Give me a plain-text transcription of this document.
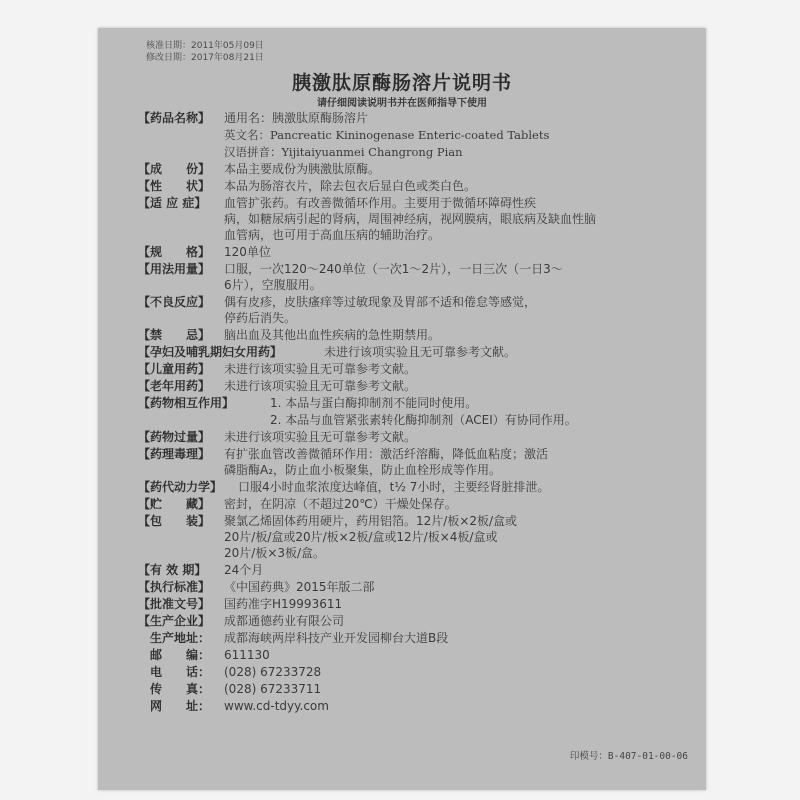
核准日期：2011年05月09日
修改日期：2017年08月21日
胰激肽原酶肠溶片说明书
请仔细阅读说明书并在医师指导下使用
【药品名称】	通用名：胰激肽原酶肠溶片
英文名：Pancreatic Kininogenase Enteric-coated Tablets
汉语拼音：Yijitaiyuanmei Changrong Pian
【成　　份】	本品主要成份为胰激肽原酶。
【性　　状】	本品为肠溶衣片，除去包衣后显白色或类白色。
【适 应 症】	血管扩张药。有改善微循环作用。主要用于微循环障碍性疾
病，如糖尿病引起的肾病，周围神经病，视网膜病，眼底病及缺血性脑
血管病，也可用于高血压病的辅助治疗。
【规　　格】	120单位
【用法用量】	口服，一次120～240单位（一次1～2片），一日三次（一日3～
6片），空腹服用。
【不良反应】	偶有皮疹，皮肤瘙痒等过敏现象及胃部不适和倦怠等感觉，
停药后消失。
【禁　　忌】	脑出血及其他出血性疾病的急性期禁用。
【孕妇及哺乳期妇女用药】	未进行该项实验且无可靠参考文献。
【儿童用药】	未进行该项实验且无可靠参考文献。
【老年用药】	未进行该项实验且无可靠参考文献。
【药物相互作用】	1. 本品与蛋白酶抑制剂不能同时使用。
2. 本品与血管紧张素转化酶抑制剂（ACEI）有协同作用。
【药物过量】	未进行该项实验且无可靠参考文献。
【药理毒理】	有扩张血管改善微循环作用：激活纤溶酶，降低血粘度；激活
磷脂酶A₂，防止血小板聚集，防止血栓形成等作用。
【药代动力学】	口服4小时血浆浓度达峰值，t½ 7小时，主要经肾脏排泄。
【贮　　藏】	密封，在阴凉（不超过20℃）干燥处保存。
【包　　装】	聚氯乙烯固体药用硬片，药用铝箔。12片/板×2板/盒或
20片/板/盒或20片/板×2板/盒或12片/板×4板/盒或
20片/板×3板/盒。
【有 效 期】	24个月
【执行标准】	《中国药典》2015年版二部
【批准文号】	国药准字H19993611
【生产企业】	成都通德药业有限公司
生产地址：	成都海峡两岸科技产业开发园柳台大道B段
邮　　编：	611130
电　　话：	(028) 67233728
传　　真：	(028) 67233711
网　　址：	www.cd-tdyy.com
印模号：B-407-01-00-06
